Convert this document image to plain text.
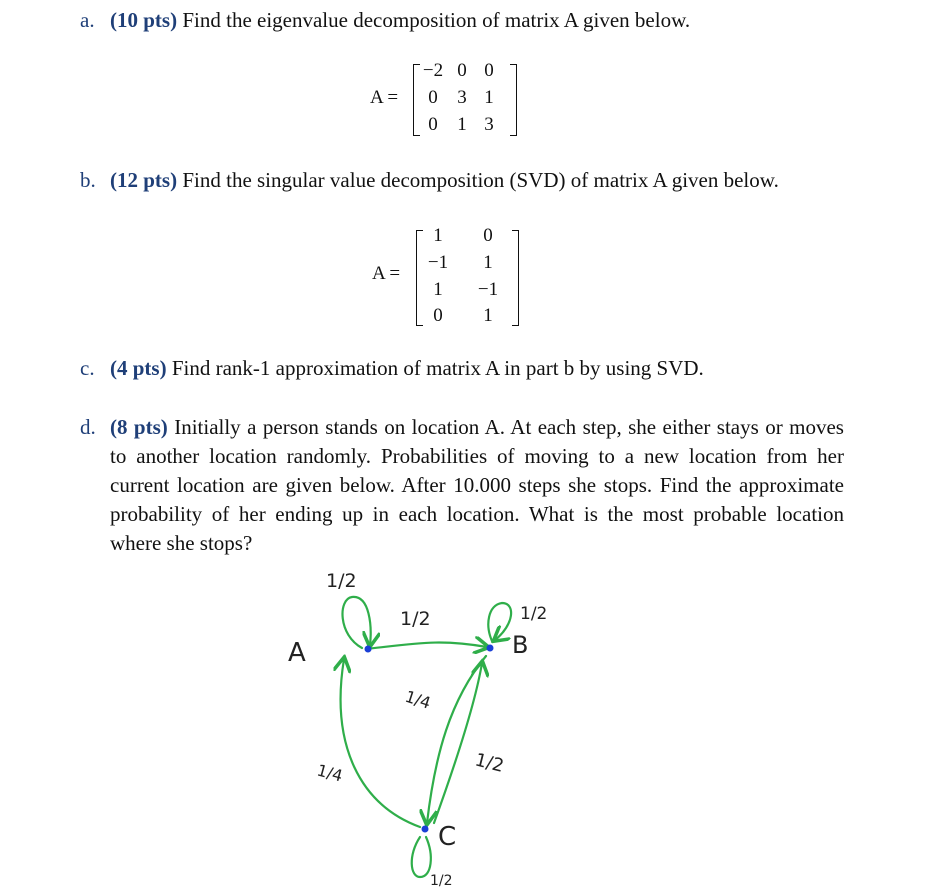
a. (10 pts) Find the eigenvalue decomposition of matrix A given below.
A =
−2 0 0
0	3 1
0	1 3
b. (12 pts) Find the singular value decomposition (SVD) of matrix A given below.
A =
1	0
−1	1
1	−1
0	1
c. (4 pts) Find rank-1 approximation of matrix A in part b by using SVD.
d. (8 pts) Initially a person stands on location A. At each step, she either stays or moves
to another location randomly. Probabilities of moving to a new location from her
current location are given below. After 10.000 steps she stops. Find the approximate
probability of her ending up in each location. What is the most probable location
where she stops?
A	B
C
1/2
1/2	1/2
1/4
1/2
1/4
1/2
